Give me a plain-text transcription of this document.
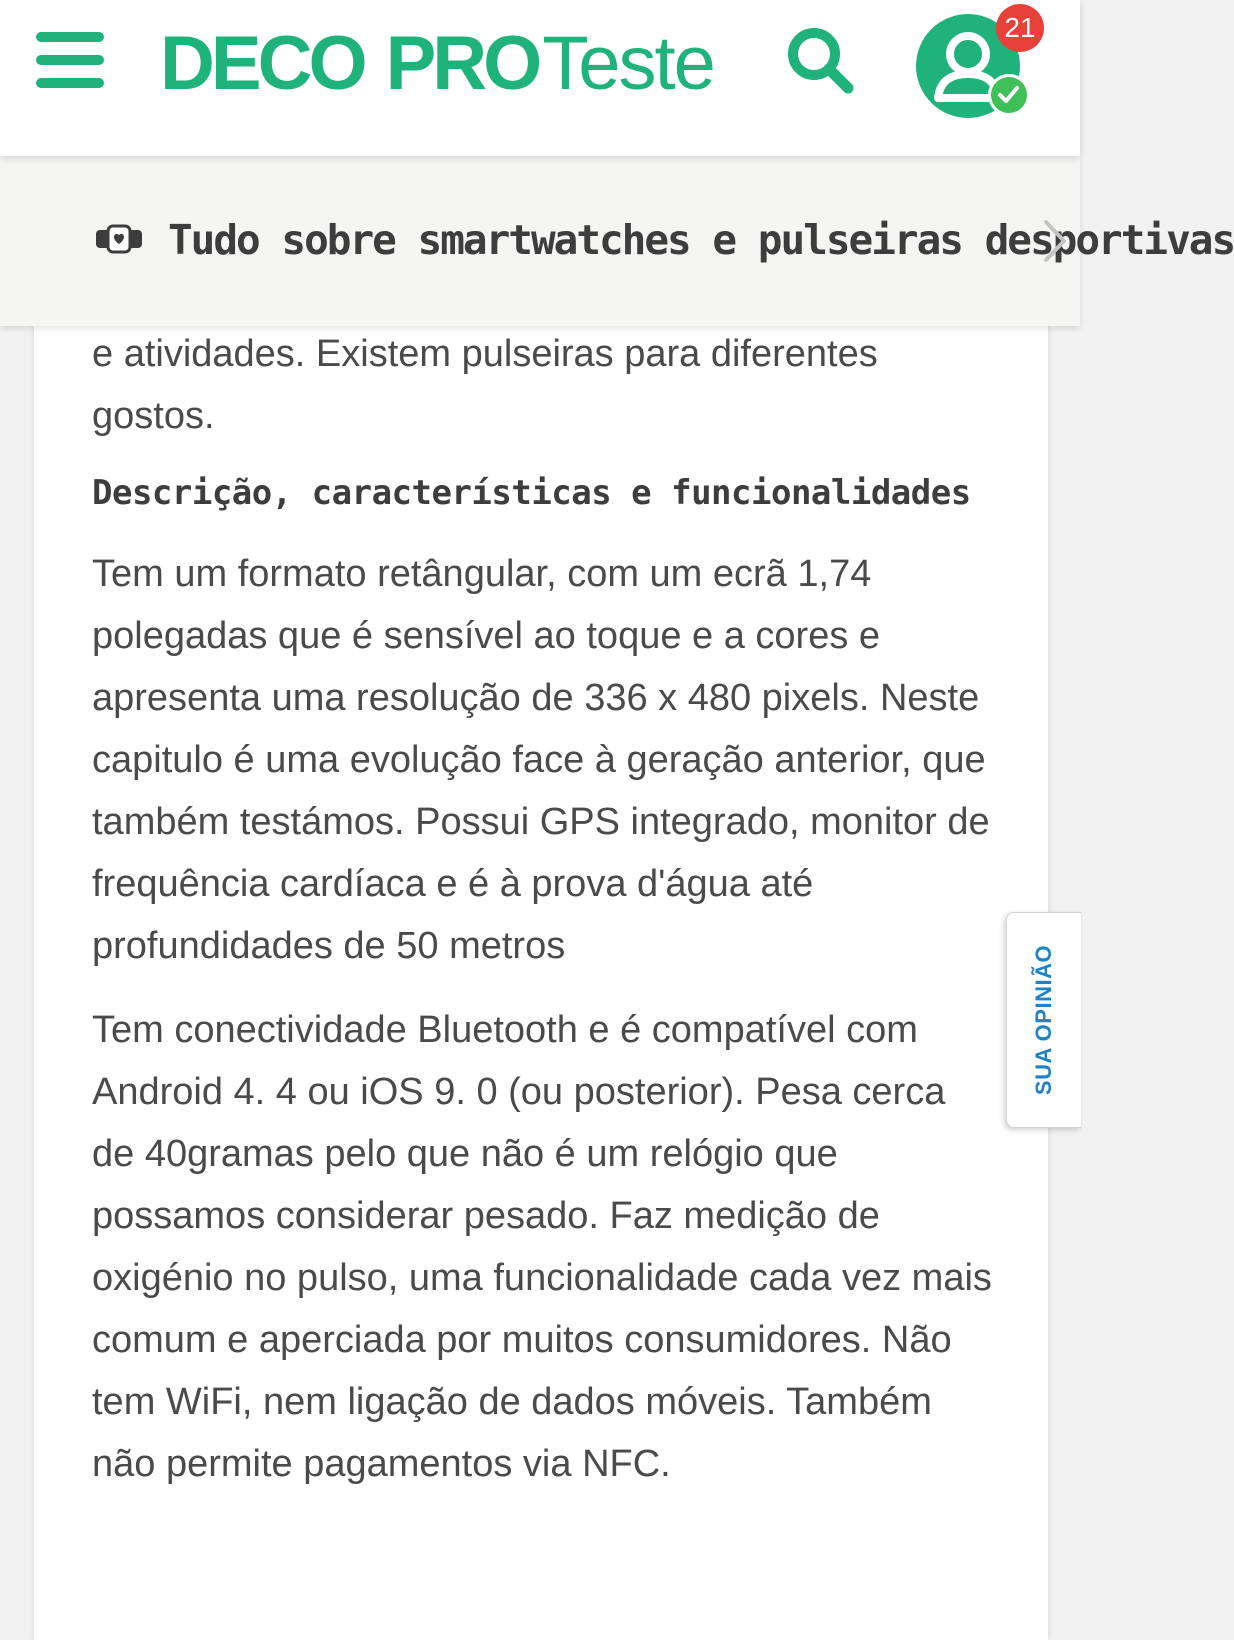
e atividades. Existem pulseiras para diferentes gostos.

Descrição, características e funcionalidades

Tem um formato retângular, com um ecrã 1,74 polegadas que é sensível ao toque e a cores e apresenta uma resolução de 336 x 480 pixels. Neste capitulo é uma evolução face à geração anterior, que também testámos. Possui GPS integrado, monitor de frequência cardíaca e é à prova d'água até profundidades de 50 metros

Tem conectividade Bluetooth e é compatível com Android 4. 4 ou iOS 9. 0 (ou posterior). Pesa cerca de 40gramas pelo que não é um relógio que possamos considerar pesado. Faz medição de oxigénio no pulso, uma funcionalidade cada vez mais comum e aperciada por muitos consumidores. Não tem WiFi, nem ligação de dados móveis. Também não permite pagamentos via NFC.

DECO PRO Teste	21
Tudo sobre smartwatches e pulseiras desportivas
SUA OPINIÃO
